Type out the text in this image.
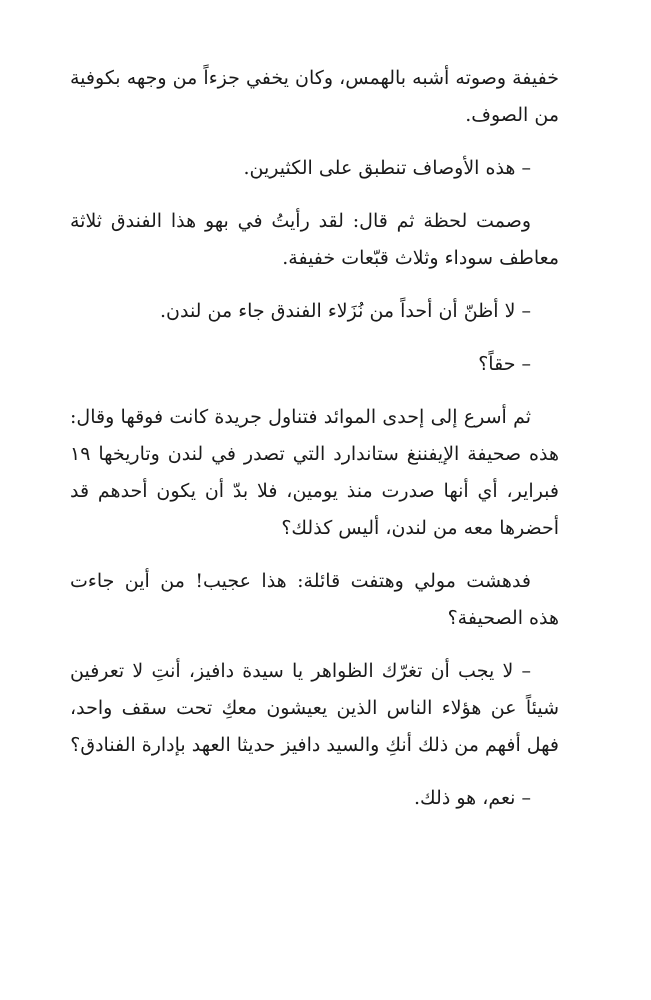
خفيفة وصوته أشبه بالهمس، وكان يخفي جزءاً من وجهه بكوفية من الصوف.

– هذه الأوصاف تنطبق على الكثيرين.

وصمت لحظة ثم قال: لقد رأيتُ في بهو هذا الفندق ثلاثة معاطف سوداء وثلاث قبّعات خفيفة.

– لا أظنّ أن أحداً من نُزَلاء الفندق جاء من لندن.

– حقاً؟

ثم أسرع إلى إحدى الموائد فتناول جريدة كانت فوقها وقال: هذه صحيفة الإيفننغ ستاندارد التي تصدر في لندن وتاريخها ١٩ فبراير، أي أنها صدرت منذ يومين، فلا بدّ أن يكون أحدهم قد أحضرها معه من لندن، أليس كذلك؟

فدهشت مولي وهتفت قائلة: هذا عجيب! من أين جاءت هذه الصحيفة؟

– لا يجب أن تغرّك الظواهر يا سيدة دافيز، أنتِ لا تعرفين شيئاً عن هؤلاء الناس الذين يعيشون معكِ تحت سقف واحد، فهل أفهم من ذلك أنكِ والسيد دافيز حديثا العهد بإدارة الفنادق؟

– نعم، هو ذلك.
